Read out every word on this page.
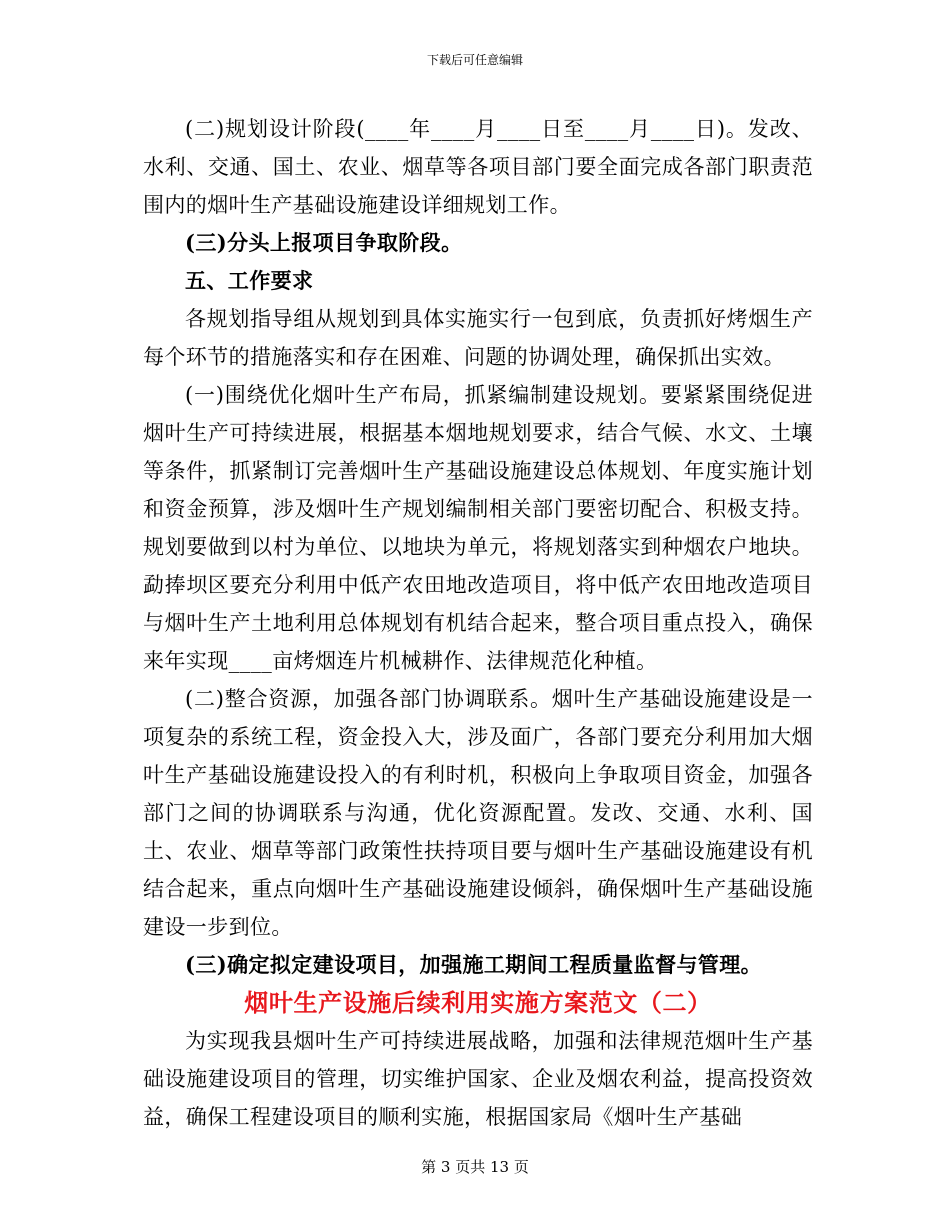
下载后可任意编辑

(二)规划设计阶段(____年____月____日至____月____日)。发改、水利、交通、国土、农业、烟草等各项目部门要全面完成各部门职责范围内的烟叶生产基础设施建设详细规划工作。

(三)分头上报项目争取阶段。

五、工作要求

各规划指导组从规划到具体实施实行一包到底，负责抓好烤烟生产每个环节的措施落实和存在困难、问题的协调处理，确保抓出实效。

(一)围绕优化烟叶生产布局，抓紧编制建设规划。要紧紧围绕促进烟叶生产可持续进展，根据基本烟地规划要求，结合气候、水文、土壤等条件，抓紧制订完善烟叶生产基础设施建设总体规划、年度实施计划和资金预算，涉及烟叶生产规划编制相关部门要密切配合、积极支持。规划要做到以村为单位、以地块为单元，将规划落实到种烟农户地块。勐捧坝区要充分利用中低产农田地改造项目，将中低产农田地改造项目与烟叶生产土地利用总体规划有机结合起来，整合项目重点投入，确保来年实现____亩烤烟连片机械耕作、法律规范化种植。

(二)整合资源，加强各部门协调联系。烟叶生产基础设施建设是一项复杂的系统工程，资金投入大，涉及面广，各部门要充分利用加大烟叶生产基础设施建设投入的有利时机，积极向上争取项目资金，加强各部门之间的协调联系与沟通，优化资源配置。发改、交通、水利、国土、农业、烟草等部门政策性扶持项目要与烟叶生产基础设施建设有机结合起来，重点向烟叶生产基础设施建设倾斜，确保烟叶生产基础设施建设一步到位。

(三)确定拟定建设项目，加强施工期间工程质量监督与管理。

烟叶生产设施后续利用实施方案范文（二）

为实现我县烟叶生产可持续进展战略，加强和法律规范烟叶生产基础设施建设项目的管理，切实维护国家、企业及烟农利益，提高投资效益，确保工程建设项目的顺利实施，根据国家局《烟叶生产基础

第 3 页共 13 页
